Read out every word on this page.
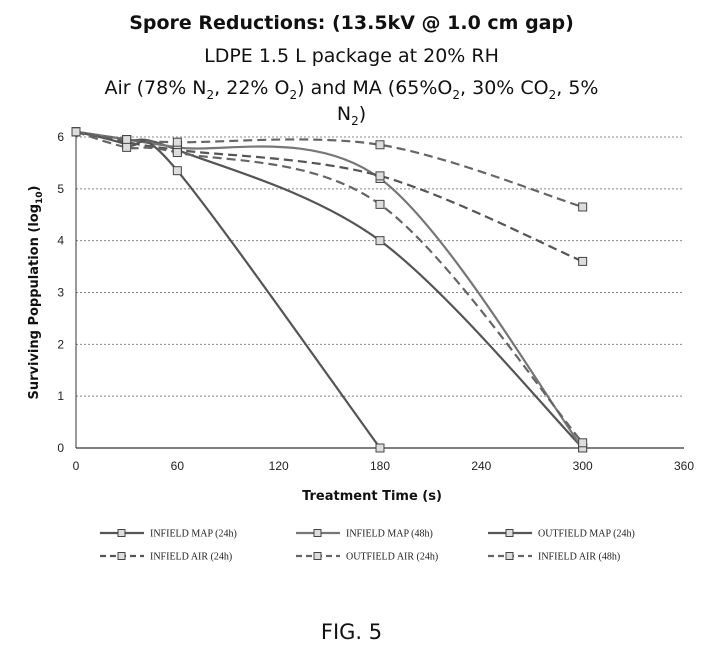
Spore Reductions: (13.5kV @ 1.0 cm gap)
LDPE 1.5 L package at 20% RH
Air (78% $N_2$, 22% $O_2$) and MA ($65\%O_2$, 30% $CO_2$, 5%
$N_2$)
0	60	120	180	240	300	360
0
1
2
3
4
5
6
INFIELD MAP (24h)	INFIELD MAP (48h)	OUTFIELD MAP (24h)
INFIELD AIR (24h)	OUTFIELD AIR (24h)	INFIELD AIR (48h)
Treatment Time (s)
Surviving Poppulation $(\log_{10})$
FIG. 5
